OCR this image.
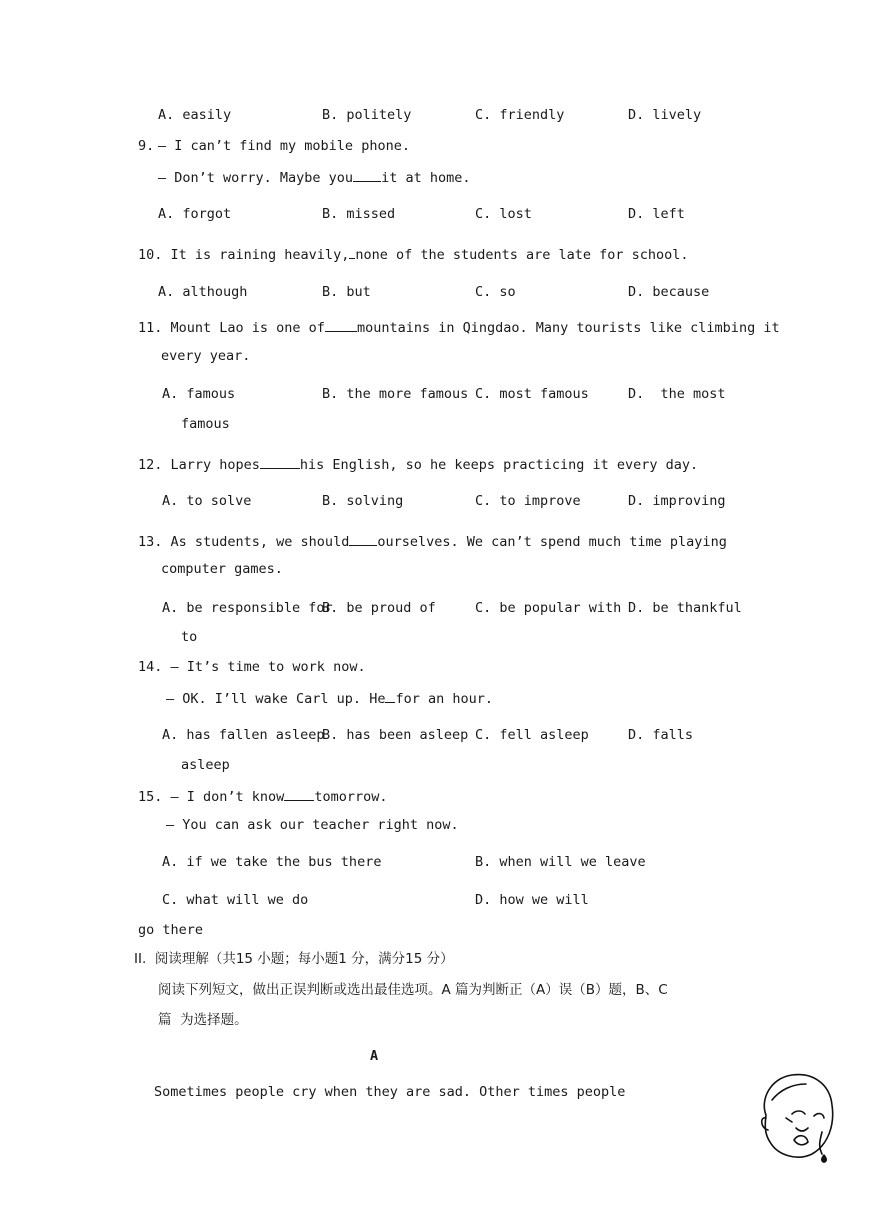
A. easily	B. politely	C. friendly	D. lively
9. — I can’t find my mobile phone.
— Don’t worry. Maybe you it at home.
A. forgot	B. missed	C. lost	D. left
10. It is raining heavily, none of the students are late for school.
A. although	B. but	C. so	D. because
11. Mount Lao is one of mountains in Qingdao. Many tourists like climbing it
every year.
A. famous	B. the more famous C. most famous	D.  the most
famous
12. Larry hopes	his English, so he keeps practicing it every day.
A. to solve	B. solving	C. to improve	D. improving
13. As students, we should ourselves. We can’t spend much time playing
computer games.
A. be responsible for
B. be proud of	C. be popular with D. be thankful
to
14. — It’s time to work now.
— OK. I’ll wake Carl up. He for an hour.
A. has fallen asleep
B. has been asleep C. fell asleep	D. falls
asleep
15. — I don’t know tomorrow.
— You can ask our teacher right now.
A. if we take the bus there	B. when will we leave
C. what will we do	D. how we will
go there
II.  阅读理解（共15 小题；每小题1 分，满分15 分）
阅读下列短文，做出正误判断或选出最佳选项。A 篇为判断正（A）误（B）题，B、C
篇  为选择题。
A
Sometimes people cry when they are sad. Other times people
